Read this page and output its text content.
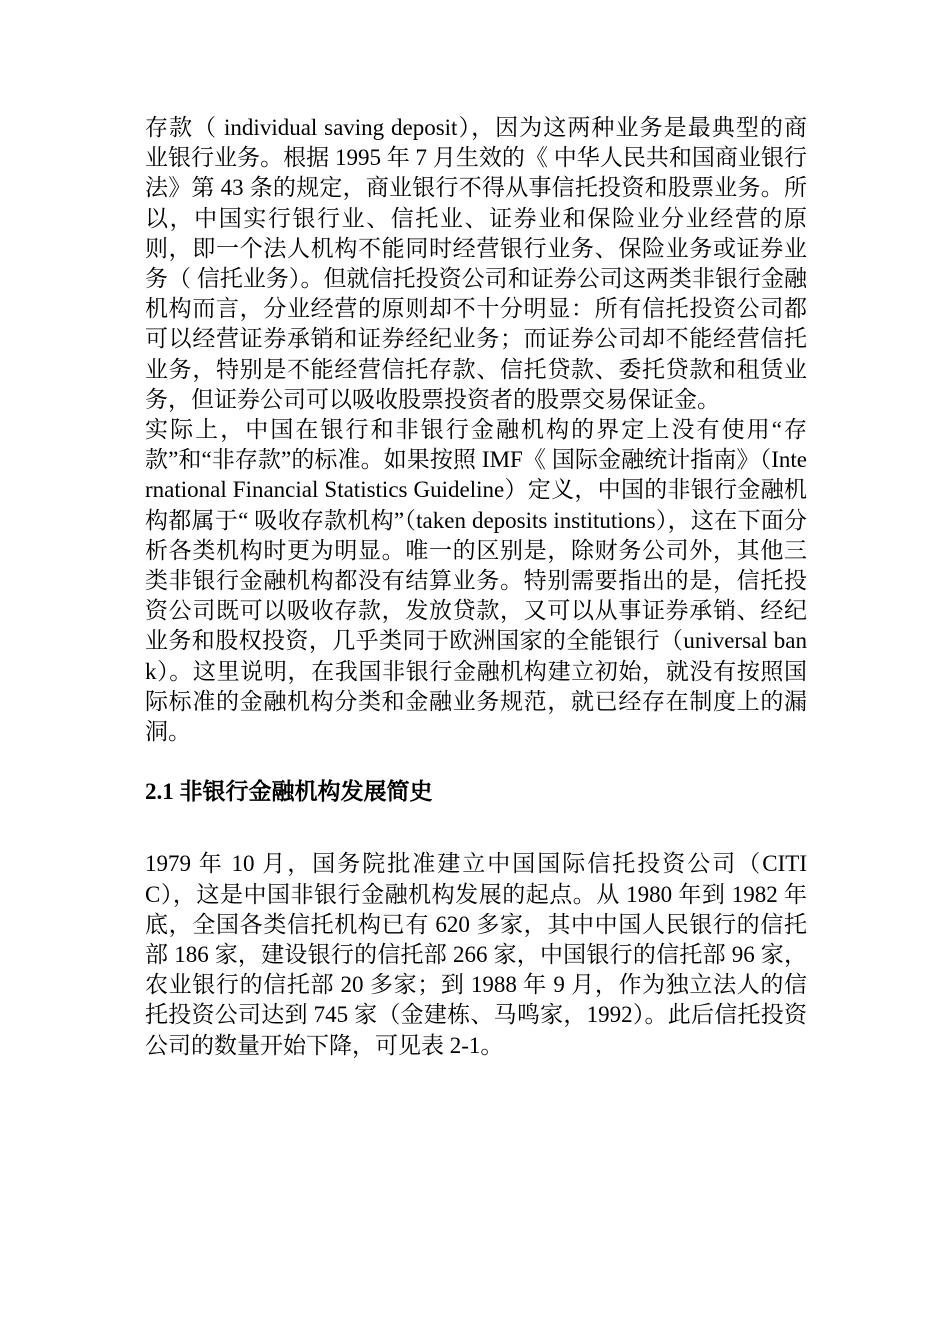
存款（ individual saving deposit），因为这两种业务是最典型的商业银行业务。根据 1995 年 7 月生效的《 中华人民共和国商业银行法》第 43 条的规定，商业银行不得从事信托投资和股票业务。所以，中国实行银行业、信托业、证券业和保险业分业经营的原则，即一个法人机构不能同时经营银行业务、保险业务或证券业务（ 信托业务）。但就信托投资公司和证券公司这两类非银行金融机构而言，分业经营的原则却不十分明显：所有信托投资公司都可以经营证券承销和证券经纪业务；而证券公司却不能经营信托业务，特别是不能经营信托存款、信托贷款、委托贷款和租赁业务，但证券公司可以吸收股票投资者的股票交易保证金。

实际上，中国在银行和非银行金融机构的界定上没有使用“存款”和“非存款”的标准。如果按照 IMF《 国际金融统计指南》（International Financial Statistics Guideline）定义，中国的非银行金融机构都属于“ 吸收存款机构”（taken deposits institutions），这在下面分析各类机构时更为明显。唯一的区别是，除财务公司外，其他三类非银行金融机构都没有结算业务。特别需要指出的是，信托投资公司既可以吸收存款，发放贷款，又可以从事证券承销、经纪业务和股权投资，几乎类同于欧洲国家的全能银行（universal bank）。这里说明，在我国非银行金融机构建立初始，就没有按照国际标准的金融机构分类和金融业务规范，就已经存在制度上的漏洞。

2.1 非银行金融机构发展简史

1979 年 10 月，国务院批准建立中国国际信托投资公司（CITIC），这是中国非银行金融机构发展的起点。从 1980 年到 1982 年底，全国各类信托机构已有 620 多家，其中中国人民银行的信托部 186 家，建设银行的信托部 266 家，中国银行的信托部 96 家，农业银行的信托部 20 多家；到 1988 年 9 月，作为独立法人的信托投资公司达到 745 家（金建栋、马鸣家，1992）。此后信托投资公司的数量开始下降，可见表 2-1。
